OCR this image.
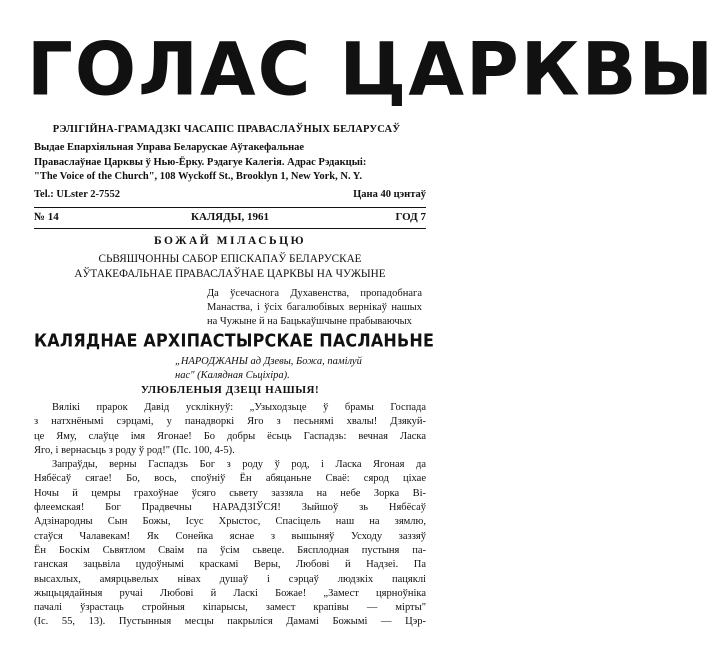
ГОЛАС ЦАРКВЫ
РЭЛІГІЙНА-ГРАМАДЗКІ ЧАСАПІС ПРАВАСЛАЎНЫХ БЕЛАРУСАЎ
Выдае Епархіяльная Управа Беларускае Аўтакефальнае
Праваслаўнае Царквы ў Нью-Ёрку. Рэдагуе Калегія. Адрас Рэдакцыі:
"The Voice of the Church", 108 Wyckoff St., Brooklyn 1, New York, N. Y.
Tel.: ULster 2-7552	Цана 40 цэнтаў
№ 14	КАЛЯДЫ, 1961	ГОД 7
БОЖАЙ МІЛАСЬЦЮ
СЬВЯШЧОННЫ САБОР ЕПІСКАПАЎ БЕЛАРУСКАЕ
АЎТАКЕФАЛЬНАЕ ПРАВАСЛАЎНАЕ ЦАРКВЫ НА ЧУЖЫНЕ
Да ўсечаснога Духавенства, пропадобнага
Манаства, і ўсіх багалюбівых вернікаў нашых
на Чужыне й на Бацькаўшчыне прабываючых
КАЛЯДНАЕ АРХІПАСТЫРСКАЕ ПАСЛАНЬНЕ
„НАРОДЖАНЫ ад Дзевы, Божа, памілуй
нас" (Калядная Сьціхіра).
УЛЮБЛЕНЫЯ ДЗЕЦІ НАШЫЯ!
Вялікі прарок Давід усклікнуў: „Узыходзьце ў брамы Госпада
з натхнёнымі сэрцамі, у панадворкі Яго з песьнямі хвалы! Дзякуй-
це Яму, слаўце імя Ягонае! Бо добры ёсьць Гаспадзь: вечная Ласка
Яго, і вернасьць з роду ў род!" (Пс. 100, 4-5).
Запраўды, верны Гаспадзь Бог з роду ў род, і Ласка Ягоная да
Нябёсаў сягае! Бо, вось, споўніў Ён абяцаньне Сваё: сярод ціхае
Ночы й цемры грахоўнае ўсяго сьвету заззяла на небе Зорка Ві-
флеемская! Бог Прадвечны НАРАДЗІЎСЯ! Зыйшоў зь Нябёсаў
Адзінародны Сын Божы, Ісус Хрыстос, Спасіцель наш на зямлю,
стаўся Чалавекам! Як Сонейка яснае з вышыняў Усходу заззяў
Ён Боскім Сьвятлом Сваім па ўсім сьвеце. Бясплодная пустыня па-
ганская зацьвіла цудоўнымі краскамі Веры, Любові й Надзеі. Па
высахлых, амярцьвелых нівах душаў і сэрцаў людзкіх пацяклі
жыцьцядайныя ручаі Любові й Ласкі Божае! „Замест цярноўніка
пачалі ўзрастаць стройныя кіпарысы, замест крапівы — мірты"
(Іс. 55, 13). Пустынныя месцы пакрыліся Дамамі Божымі — Цэр-
